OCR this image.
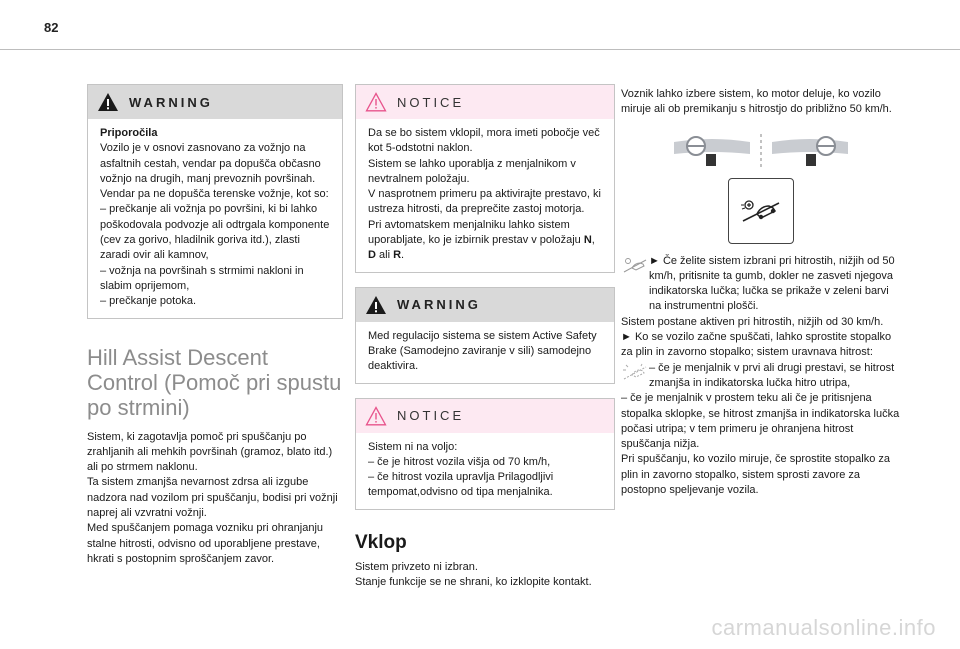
82
WARNING

Priporočila

Vozilo je v osnovi zasnovano za vožnjo na asfaltnih cestah, vendar pa dopušča občasno vožnjo na drugih, manj prevoznih površinah.

Vendar pa ne dopušča terenske vožnje, kot so:

– prečkanje ali vožnja po površini, ki bi lahko poškodovala podvozje ali odtrgala komponente (cev za gorivo, hladilnik goriva itd.), zlasti zaradi ovir ali kamnov,

– vožnja na površinah s strmimi nakloni in slabim oprijemom,

– prečkanje potoka.

Hill Assist Descent Control (Pomoč pri spustu po strmini)

Sistem, ki zagotavlja pomoč pri spuščanju po zrahljanih ali mehkih površinah (gramoz, blato itd.) ali po strmem naklonu.

Ta sistem zmanjša nevarnost zdrsa ali izgube nadzora nad vozilom pri spuščanju, bodisi pri vožnji naprej ali vzvratni vožnji.

Med spuščanjem pomaga vozniku pri ohranjanju stalne hitrosti, odvisno od uporabljene prestave, hkrati s postopnim sproščanjem zavor.

NOTICE

Da se bo sistem vklopil, mora imeti pobočje več kot 5-odstotni naklon.

Sistem se lahko uporablja z menjalnikom v nevtralnem položaju.

V nasprotnem primeru pa aktivirajte prestavo, ki ustreza hitrosti, da preprečite zastoj motorja.

Pri avtomatskem menjalniku lahko sistem uporabljate, ko je izbirnik prestav v položaju N, D ali R.

WARNING

Med regulacijo sistema se sistem Active Safety Brake (Samodejno zaviranje v sili) samodejno deaktivira.

NOTICE

Sistem ni na voljo:

– če je hitrost vozila višja od 70 km/h,

– če hitrost vozila upravlja Prilagodljivi tempomat,odvisno od tipa menjalnika.

Vklop

Sistem privzeto ni izbran.

Stanje funkcije se ne shrani, ko izklopite kontakt.

Voznik lahko izbere sistem, ko motor deluje, ko vozilo miruje ali ob premikanju s hitrostjo do približno 50 km/h.

► Če želite sistem izbrani pri hitrostih, nižjih od 50 km/h, pritisnite ta gumb, dokler ne zasveti njegova indikatorska lučka; lučka se prikaže v zeleni barvi na instrumentni plošči.

Sistem postane aktiven pri hitrostih, nižjih od 30 km/h.

► Ko se vozilo začne spuščati, lahko sprostite stopalko za plin in zavorno stopalko; sistem uravnava hitrost:

– če je menjalnik v prvi ali drugi prestavi, se hitrost zmanjša in indikatorska lučka hitro utripa,

– če je menjalnik v prostem teku ali če je pritisnjena stopalka sklopke, se hitrost zmanjša in indikatorska lučka počasi utripa; v tem primeru je ohranjena hitrost spuščanja nižja.

Pri spuščanju, ko vozilo miruje, če sprostite stopalko za plin in zavorno stopalko, sistem sprosti zavore za postopno speljevanje vozila.

carmanualsonline.info
